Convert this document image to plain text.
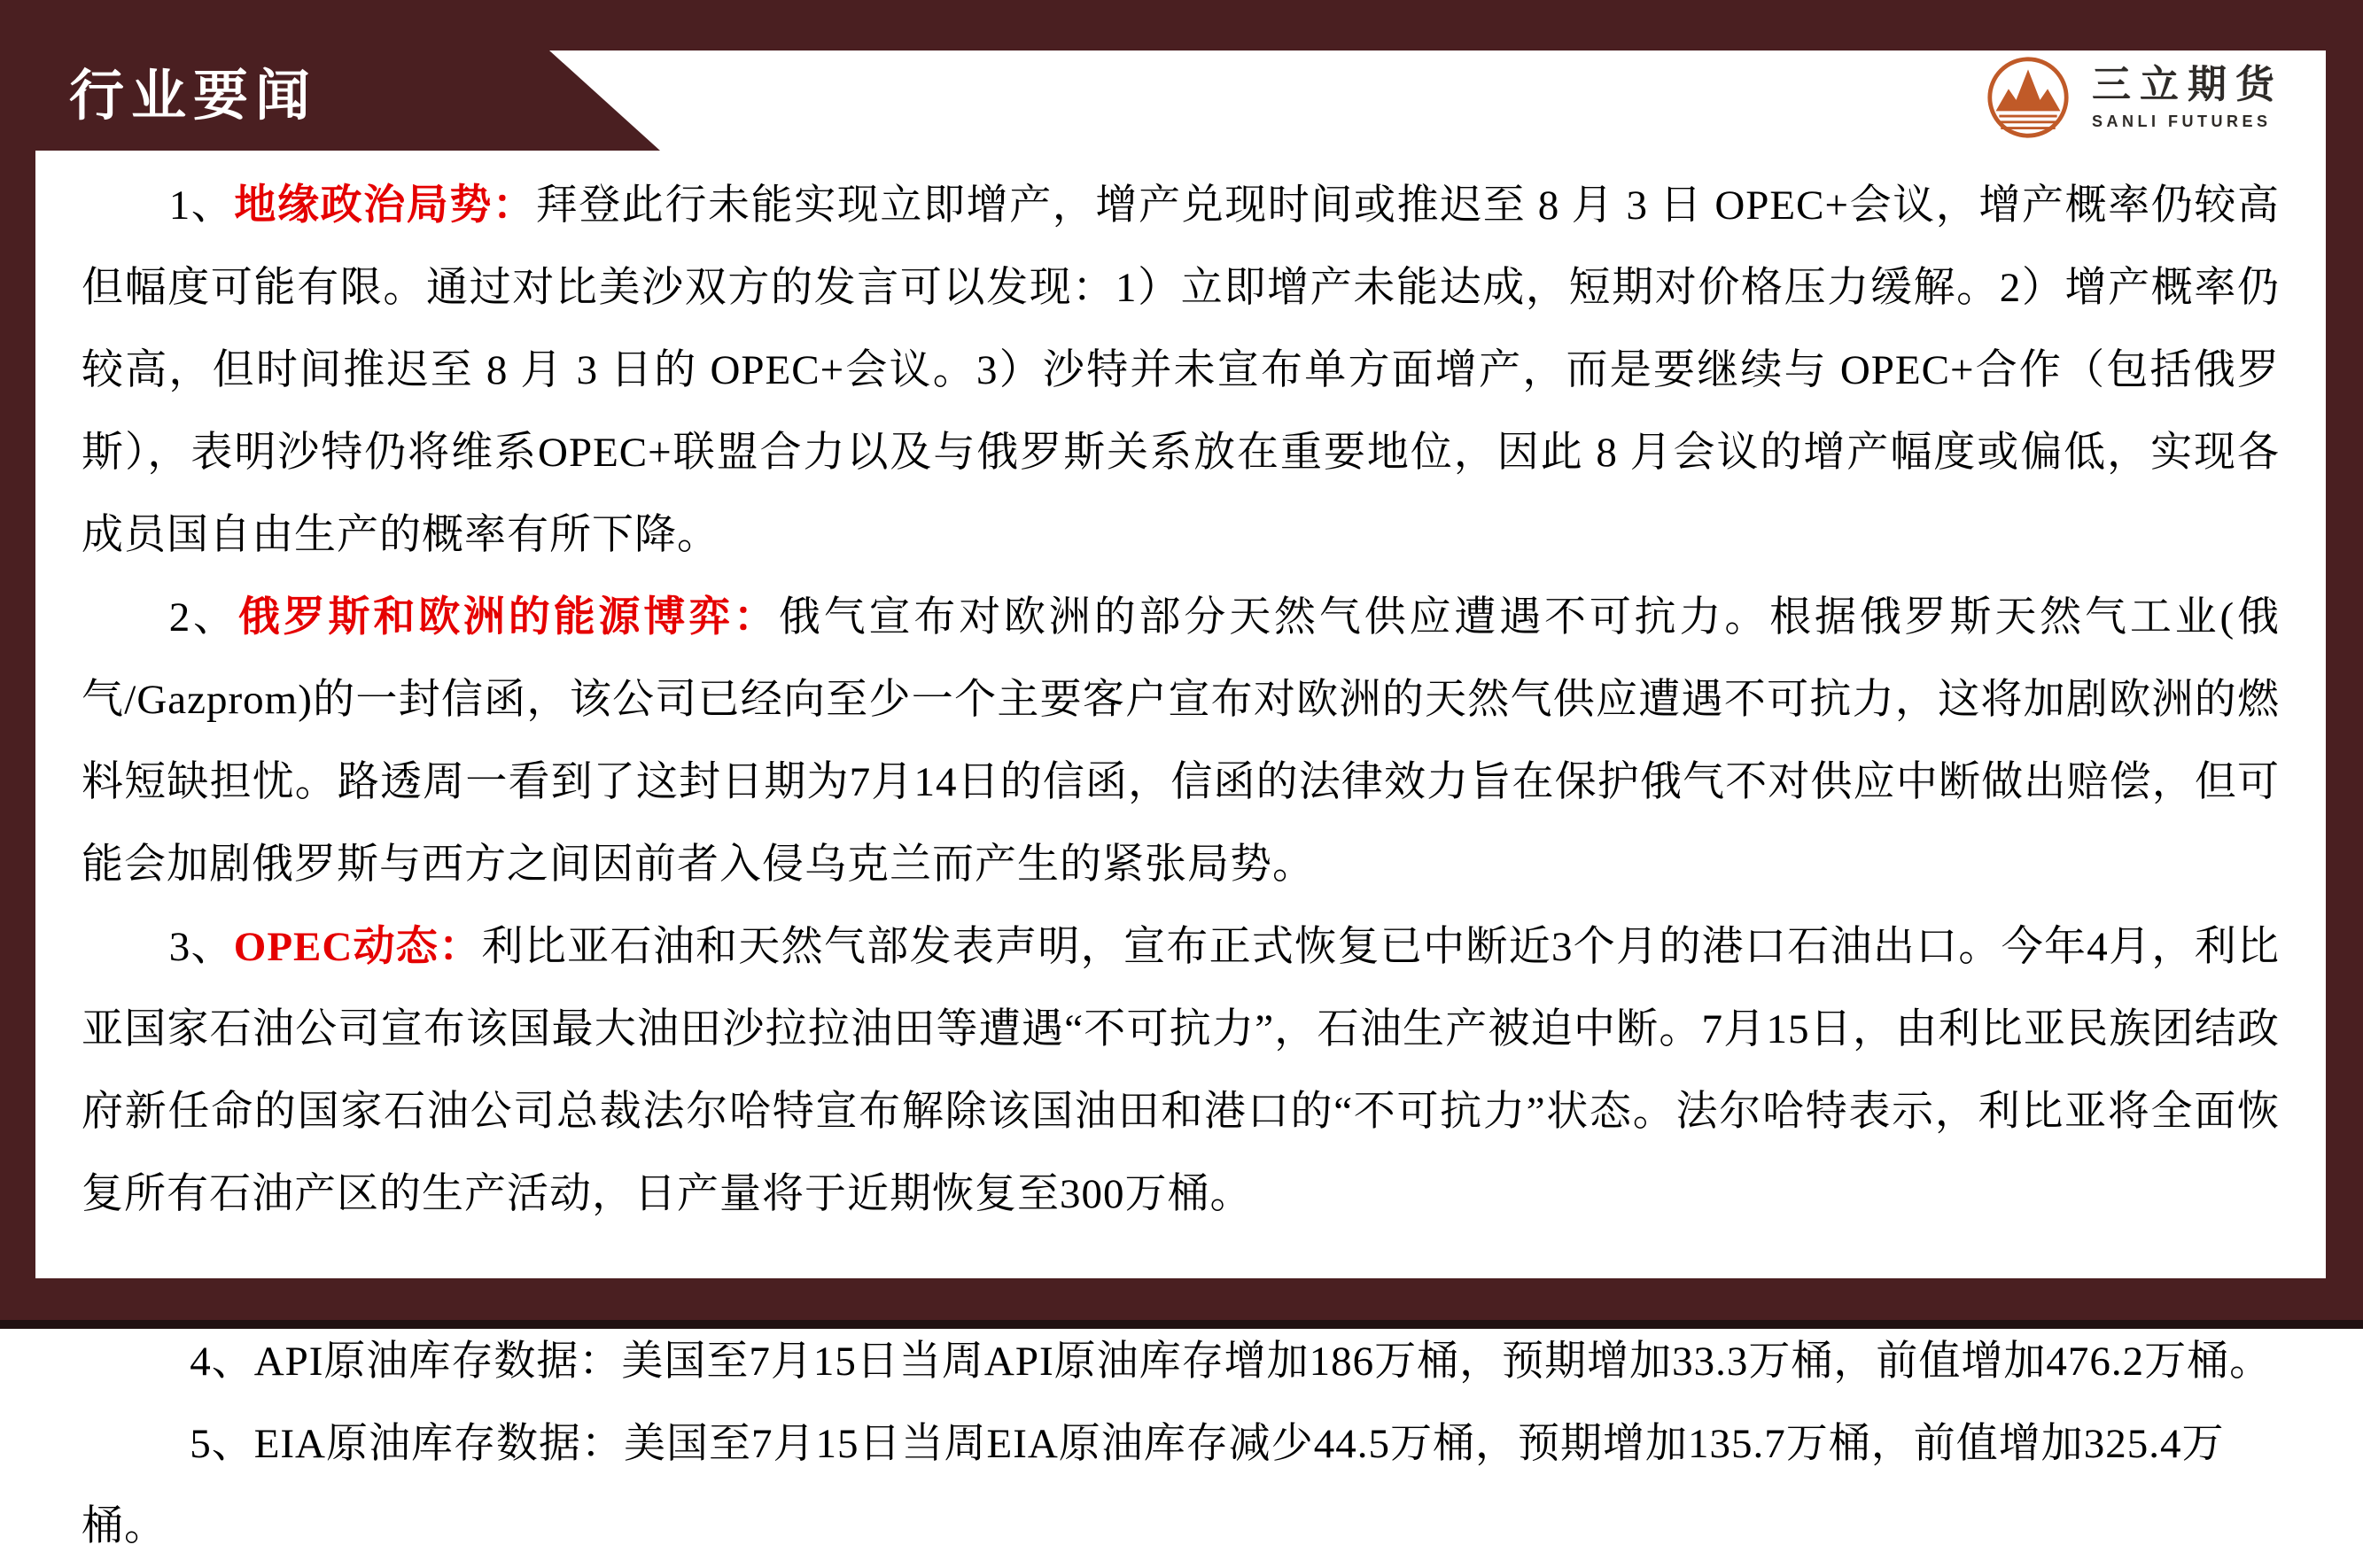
行业要闻	三立期货
SANLI FUTURES

1、地缘政治局势：拜登此行未能实现立即增产，增产兑现时间或推迟至 8 月 3 日 OPEC+会议，增产概率仍较高但幅度可能有限。通过对比美沙双方的发言可以发现：1）立即增产未能达成，短期对价格压力缓解。2）增产概率仍较高，但时间推迟至 8 月 3 日的 OPEC+会议。3）沙特并未宣布单方面增产，而是要继续与 OPEC+合作（包括俄罗斯），表明沙特仍将维系OPEC+联盟合力以及与俄罗斯关系放在重要地位，因此 8 月会议的增产幅度或偏低，实现各成员国自由生产的概率有所下降。

2、俄罗斯和欧洲的能源博弈：俄气宣布对欧洲的部分天然气供应遭遇不可抗力。根据俄罗斯天然气工业(俄气/Gazprom)的一封信函，该公司已经向至少一个主要客户宣布对欧洲的天然气供应遭遇不可抗力，这将加剧欧洲的燃料短缺担忧。路透周一看到了这封日期为7月14日的信函，信函的法律效力旨在保护俄气不对供应中断做出赔偿，但可能会加剧俄罗斯与西方之间因前者入侵乌克兰而产生的紧张局势。

3、OPEC动态：利比亚石油和天然气部发表声明，宣布正式恢复已中断近3个月的港口石油出口。今年4月，利比亚国家石油公司宣布该国最大油田沙拉拉油田等遭遇“不可抗力”，石油生产被迫中断。7月15日，由利比亚民族团结政府新任命的国家石油公司总裁法尔哈特宣布解除该国油田和港口的“不可抗力”状态。法尔哈特表示，利比亚将全面恢复所有石油产区的生产活动，日产量将于近期恢复至300万桶。

4、API原油库存数据：美国至7月15日当周API原油库存增加186万桶，预期增加33.3万桶，前值增加476.2万桶。

5、EIA原油库存数据：美国至7月15日当周EIA原油库存减少44.5万桶，预期增加135.7万桶，前值增加325.4万桶。
